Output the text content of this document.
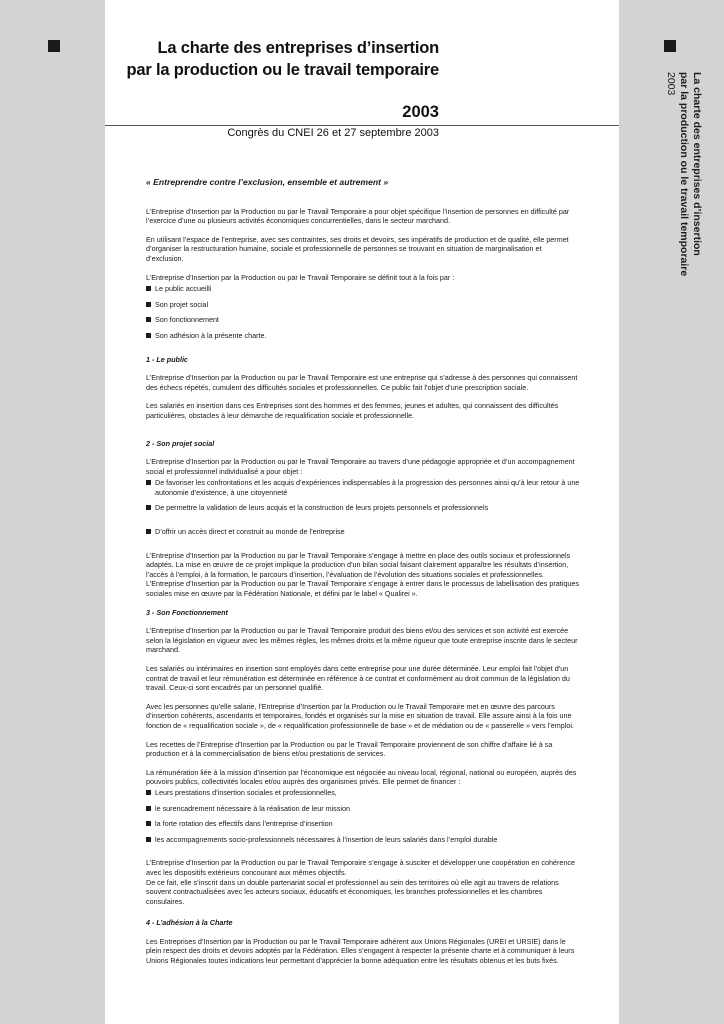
La charte des entreprises d’insertion
par la production ou le travail temporaire
2003
La charte des entreprises d’insertion
par la production ou le travail temporaire
2003
Congrès du CNEI 26 et 27 septembre 2003
« Entreprendre contre l’exclusion, ensemble et autrement »

L’Entreprise d’Insertion par la Production ou par le Travail Temporaire a pour objet spécifique l’insertion de personnes en difficulté par l’exercice d’une ou plusieurs activités économiques concurrentielles, dans le secteur marchand.

En utilisant l’espace de l’entreprise, avec ses contraintes, ses droits et devoirs, ses impératifs de production et de qualité, elle permet d’organiser la restructuration humaine, sociale et professionnelle de personnes se trouvant en situation de marginalisation et d’exclusion.

L’Entreprise d’Insertion par la Production ou par le Travail Temporaire se définit tout à la fois par :

Le public accueilli
Son projet social
Son fonctionnement
Son adhésion à la présente charte.
1 - Le public

L’Entreprise d’Insertion par la Production ou par le Travail Temporaire est une entreprise qui s’adresse à des personnes qui connaissent des échecs répétés, cumulent des difficultés sociales et professionnelles. Ce public fait l’objet d’une prescription sociale.

Les salariés en insertion dans ces Entreprises sont des hommes et des femmes, jeunes et adultes, qui connaissent des difficultés particulières, obstacles à leur démarche de requalification sociale et professionnelle.

2 - Son projet social

L’Entreprise d’Insertion par la Production ou par le Travail Temporaire au travers d’une pédagogie appropriée et d’un accompagnement social et professionnel individualisé a pour objet :

De favoriser les confrontations et les acquis d’expériences indispensables à la progression des personnes ainsi qu’à leur retour à une autonomie d’existence, à une citoyenneté
De permettre la validation de leurs acquis et la construction de leurs projets personnels et professionnels
D’offrir un accès direct et construit au monde de l’entreprise

L’Entreprise d’Insertion par la Production ou par le Travail Temporaire s’engage à mettre en place des outils sociaux et professionnels adaptés. La mise en œuvre de ce projet implique la production d’un bilan social faisant clairement apparaître les résultats d’insertion, l’accès à l’emploi, à la formation, le parcours d’insertion, l’évaluation de l’évolution des situations sociales et professionnelles.

L’Entreprise d’Insertion par la Production ou par le Travail Temporaire s’engage à entrer dans le processus de labellisation des pratiques sociales mise en œuvre par la Fédération Nationale, et défini par le label « Qualirei ».

3 - Son Fonctionnement

L’Entreprise d’Insertion par la Production ou par le Travail Temporaire produit des biens et/ou des services et son activité est exercée selon la législation en vigueur avec les mêmes règles, les mêmes droits et la même rigueur que toute entreprise inscrite dans le secteur marchand.

Les salariés ou intérimaires en insertion sont employés dans cette entreprise pour une durée déterminée. Leur emploi fait l’objet d’un contrat de travail et leur rémunération est déterminée en référence à ce contrat et conformément au droit commun de la législation du travail. Ceux-ci sont encadrés par un personnel qualifié.

Avec les personnes qu’elle salarie, l’Entreprise d’Insertion par la Production ou le Travail Temporaire met en œuvre des parcours d’insertion cohérents, ascendants et temporaires, fondés et organisés sur la mise en situation de travail. Elle assure ainsi à la fois une fonction de « requalification sociale », de « requalification professionnelle de base » et de médiation ou de « passerelle » vers l’emploi.

Les recettes de l’Entreprise d’Insertion par la Production ou par le Travail Temporaire proviennent de son chiffre d’affaire lié à sa production et à la commercialisation de biens et/ou prestations de services.

La rémunération liée à la mission d’insertion par l’économique est négociée au niveau local, régional, national ou européen, auprès des pouvoirs publics, collectivités locales et/ou auprès des organismes privés. Elle permet de financer :

Leurs prestations d’insertion sociales et professionnelles,
le surencadrement nécessaire à la réalisation de leur mission
la forte rotation des effectifs dans l’entreprise d’insertion
les accompagnements socio-professionnels nécessaires à l’insertion de leurs salariés dans l’emploi durable

L’Entreprise d’Insertion par la Production ou par le Travail Temporaire s’engage à susciter et développer une coopération en cohérence avec les dispositifs extérieurs concourant aux mêmes objectifs.

De ce fait, elle s’inscrit dans un double partenariat social et professionnel au sein des territoires où elle agit au travers de relations souvent contractualisées avec les acteurs sociaux, éducatifs et économiques, les branches professionnelles et les chambres consulaires.

4 - L’adhésion à la Charte

Les Entreprises d’Insertion par la Production ou par le Travail Temporaire adhérent aux Unions Régionales (UREI et URSIE) dans le plein respect des droits et devoirs adoptés par la Fédération. Elles s’engagent à respecter la présente charte et à communiquer à leurs Unions Régionales toutes indications leur permettant d’apprécier la bonne adéquation entre les résultats obtenus et les buts fixés.
